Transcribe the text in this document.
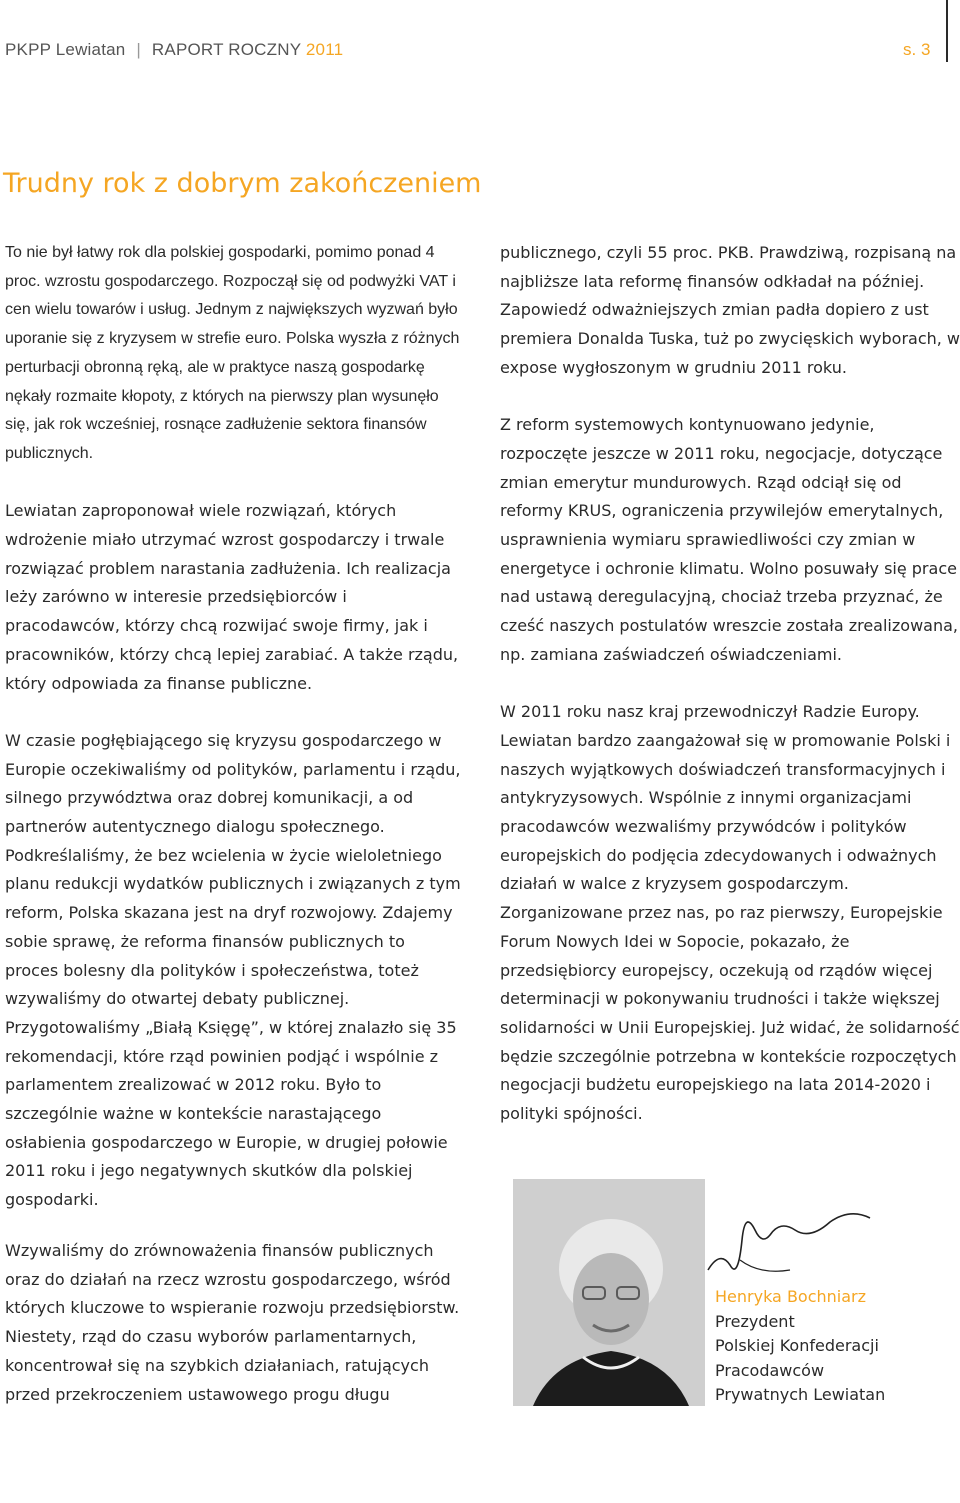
PKPP Lewiatan | RAPORT ROCZNY 2011	s. 3
Trudny rok z dobrym zakończeniem

To nie był łatwy rok dla polskiej gospodarki, pomimo ponad 4 proc. wzrostu gospodarczego. Rozpoczął się od podwyżki VAT i cen wielu towarów i usług. Jednym z największych wyzwań było uporanie się z kryzysem w strefie euro. Polska wyszła z różnych perturbacji obronną ręką, ale w praktyce naszą gospodarkę nękały rozmaite kłopoty, z których na pierwszy plan wysunęło się, jak rok wcześniej, rosnące zadłużenie sektora finansów publicznych.

Lewiatan zaproponował wiele rozwiązań, których wdrożenie miało utrzymać wzrost gospodarczy i trwale rozwiązać problem narastania zadłużenia. Ich realizacja leży zarówno w interesie przedsiębiorców i pracodawców, którzy chcą rozwijać swoje firmy, jak i pracowników, którzy chcą lepiej zarabiać. A także rządu, który odpowiada za finanse publiczne.

W czasie pogłębiającego się kryzysu gospodarczego w Europie oczekiwaliśmy od polityków, parlamentu i rządu, silnego przywództwa oraz dobrej komunikacji, a od partnerów autentycznego dialogu społecznego. Podkreślaliśmy, że bez wcielenia w życie wieloletniego planu redukcji wydatków publicznych i związanych z tym reform, Polska skazana jest na dryf rozwojowy. Zdajemy sobie sprawę, że reforma finansów publicznych to proces bolesny dla polityków i społeczeństwa, toteż wzywaliśmy do otwartej debaty publicznej. Przygotowaliśmy „Białą Księgę”, w której znalazło się 35 rekomendacji, które rząd powinien podjąć i wspólnie z parlamentem zrealizować w 2012 roku. Było to szczególnie ważne w kontekście narastającego osłabienia gospodarczego w Europie, w drugiej połowie 2011 roku i jego negatywnych skutków dla polskiej gospodarki.

Wzywaliśmy do zrównoważenia finansów publicznych oraz do działań na rzecz wzrostu gospodarczego, wśród których kluczowe to wspieranie rozwoju przedsiębiorstw. Niestety, rząd do czasu wyborów parlamentarnych, koncentrował się na szybkich działaniach, ratujących przed przekroczeniem ustawowego progu długu

publicznego, czyli 55 proc. PKB. Prawdziwą, rozpisaną na najbliższe lata reformę finansów odkładał na później. Zapowiedź odważniejszych zmian padła dopiero z ust premiera Donalda Tuska, tuż po zwycięskich wyborach, w expose wygłoszonym w grudniu 2011 roku.

Z reform systemowych kontynuowano jedynie, rozpoczęte jeszcze w 2011 roku, negocjacje, dotyczące zmian emerytur mundurowych. Rząd odciął się od reformy KRUS, ograniczenia przywilejów emerytalnych, usprawnienia wymiaru sprawiedliwości czy zmian w energetyce i ochronie klimatu. Wolno posuwały się prace nad ustawą deregulacyjną, chociaż trzeba przyznać, że cześć naszych postulatów wreszcie została zrealizowana, np. zamiana zaświadczeń oświadczeniami.

W 2011 roku nasz kraj przewodniczył Radzie Europy. Lewiatan bardzo zaangażował się w promowanie Polski i naszych wyjątkowych doświadczeń transformacyjnych i antykryzysowych. Wspólnie z innymi organizacjami pracodawców wezwaliśmy przywódców i polityków europejskich do podjęcia zdecydowanych i odważnych działań w walce z kryzysem gospodarczym. Zorganizowane przez nas, po raz pierwszy, Europejskie Forum Nowych Idei w Sopocie, pokazało, że przedsiębiorcy europejscy, oczekują od rządów więcej determinacji w pokonywaniu trudności i także większej solidarności w Unii Europejskiej. Już widać, że solidarność będzie szczególnie potrzebna w kontekście rozpoczętych negocjacji budżetu europejskiego na lata 2014-2020 i polityki spójności.

Henryka Bochniarz
Prezydent
Polskiej Konfederacji
Pracodawców
Prywatnych Lewiatan
